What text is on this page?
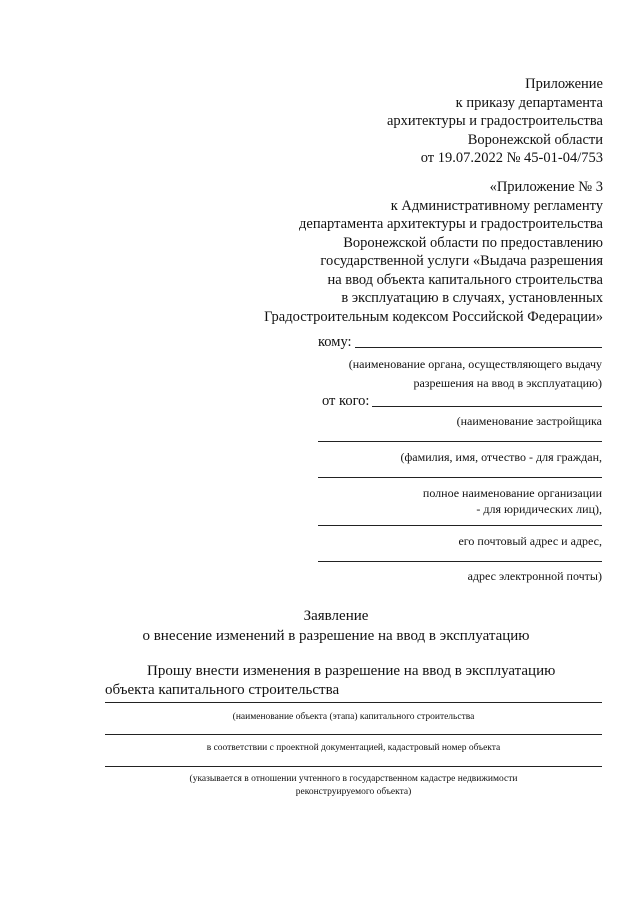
Приложение
к приказу департамента
архитектуры и градостроительства
Воронежской области
от 19.07.2022 № 45-01-04/753
«Приложение № 3
к Административному регламенту
департамента архитектуры и градостроительства
Воронежской области по предоставлению
государственной услуги «Выдача разрешения
на ввод объекта капитального строительства
в эксплуатацию в случаях, установленных
Градостроительным кодексом Российской Федерации»
кому:
(наименование органа, осуществляющего выдачу
разрешения на ввод в эксплуатацию)
от кого:
(наименование застройщика
(фамилия, имя, отчество - для граждан,
полное наименование организации
- для юридических лиц),
его почтовый адрес и адрес,
адрес электронной почты)
Заявление
о внесение изменений в разрешение на ввод в эксплуатацию
Прошу внести изменения в разрешение на ввод в эксплуатацию
объекта капитального строительства
(наименование объекта (этапа) капитального строительства
в соответствии с проектной документацией, кадастровый номер объекта
(указывается в отношении учтенного в государственном кадастре недвижимости
реконструируемого объекта)
